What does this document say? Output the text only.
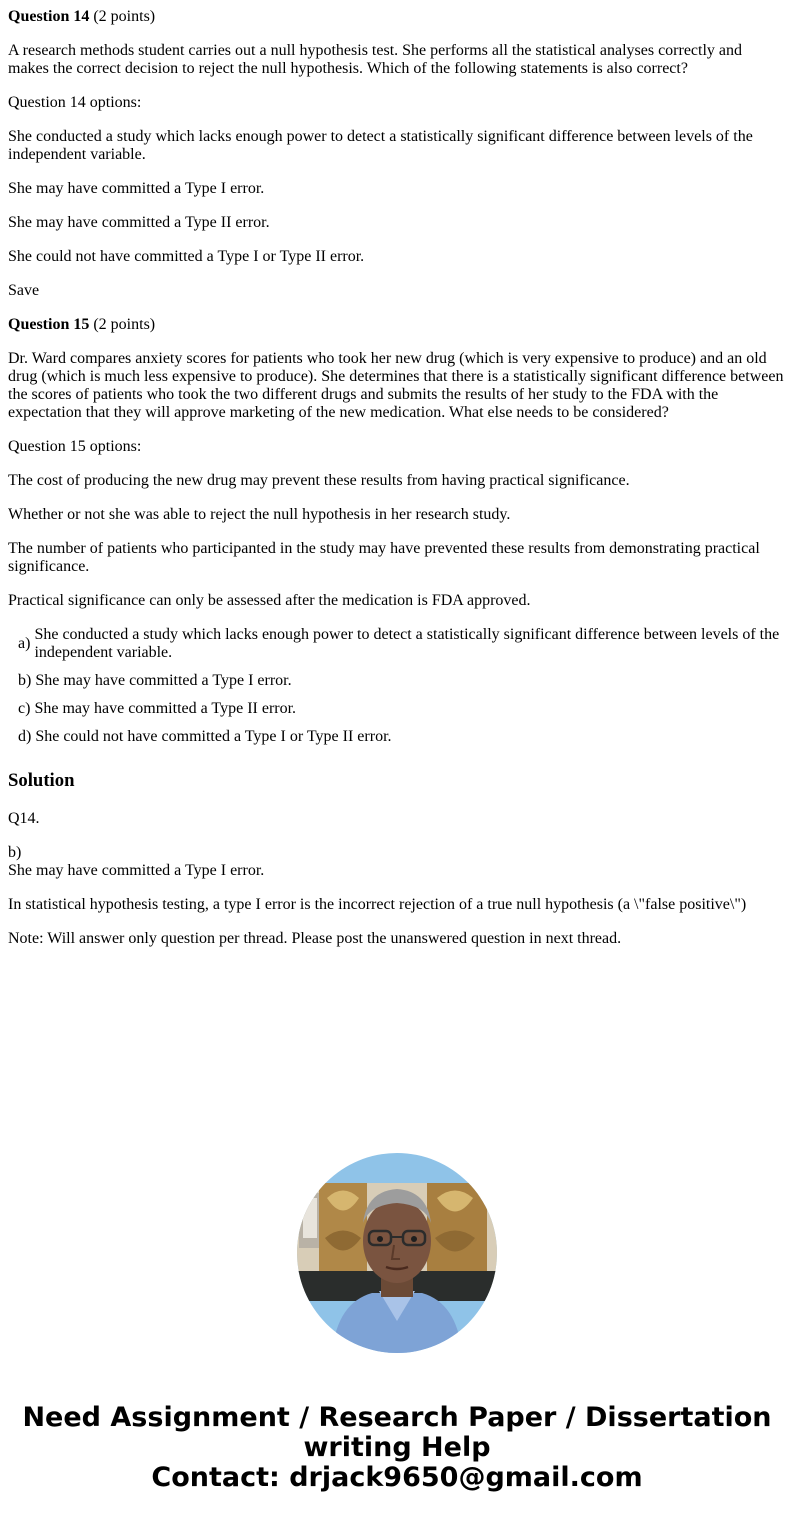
Question 14 (2 points)

A research methods student carries out a null hypothesis test. She performs all the statistical analyses correctly and makes the correct decision to reject the null hypothesis. Which of the following statements is also correct?

Question 14 options:

She conducted a study which lacks enough power to detect a statistically significant difference between levels of the independent variable.

She may have committed a Type I error.

She may have committed a Type II error.

She could not have committed a Type I or Type II error.

Save

Question 15 (2 points)

Dr. Ward compares anxiety scores for patients who took her new drug (which is very expensive to produce) and an old drug (which is much less expensive to produce). She determines that there is a statistically significant difference between the scores of patients who took the two different drugs and submits the results of her study to the FDA with the expectation that they will approve marketing of the new medication. What else needs to be considered?

Question 15 options:

The cost of producing the new drug may prevent these results from having practical significance.

Whether or not she was able to reject the null hypothesis in her research study.

The number of patients who participanted in the study may have prevented these results from demonstrating practical significance.

Practical significance can only be assessed after the medication is FDA approved.

a)
She conducted a study which lacks enough power to detect a statistically significant difference between levels of the independent variable.
b) She may have committed a Type I error.
c) She may have committed a Type II error.
d) She could not have committed a Type I or Type II error.
Solution

Q14.

b)
She may have committed a Type I error.

In statistical hypothesis testing, a type I error is the incorrect rejection of a true null hypothesis (a \"false positive\")

Note: Will answer only question per thread. Please post the unanswered question in next thread.

Need Assignment / Research Paper / Dissertation
writing Help
Contact: drjack9650@gmail.com
